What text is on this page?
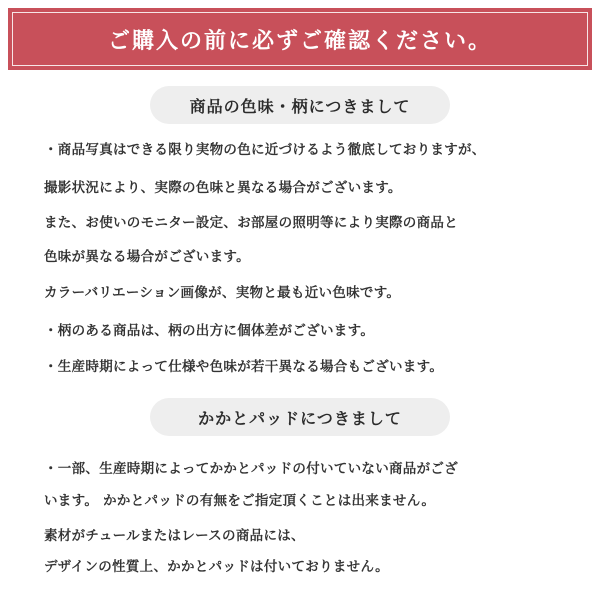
ご購入の前に必ずご確認ください。
商品の色味・柄につきまして
・商品写真はできる限り実物の色に近づけるよう徹底しておりますが、
撮影状況により、実際の色味と異なる場合がございます。
また、お使いのモニター設定、お部屋の照明等により実際の商品と
色味が異なる場合がございます。
カラーバリエーション画像が、実物と最も近い色味です。
・柄のある商品は、柄の出方に個体差がございます。
・生産時期によって仕様や色味が若干異なる場合もございます。
かかとパッドにつきまして
・一部、生産時期によってかかとパッドの付いていない商品がござ
います。 かかとパッドの有無をご指定頂くことは出来ません。
素材がチュールまたはレースの商品には、
デザインの性質上、かかとパッドは付いておりません。
